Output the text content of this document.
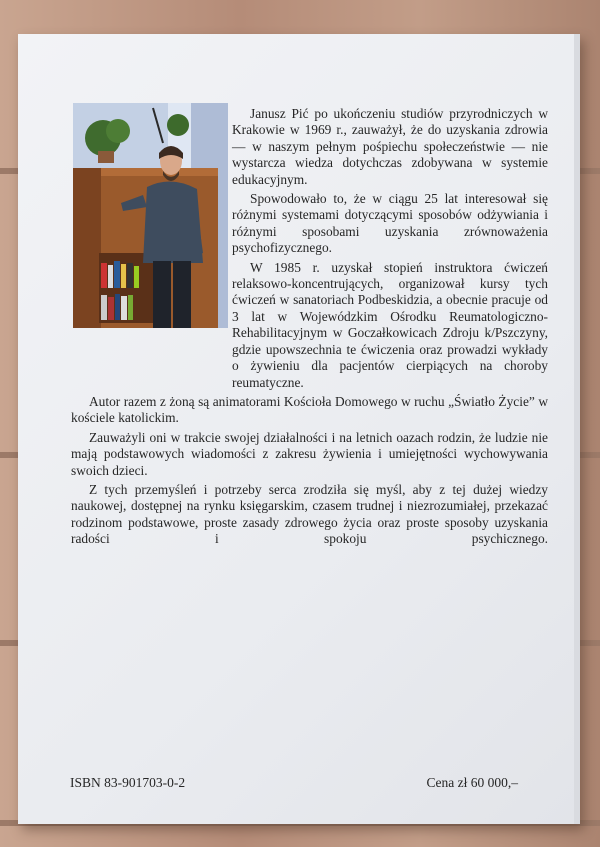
Janusz Pić po ukończeniu studiów przyrodniczych w Krakowie w 1969 r., zauważył, że do uzyskania zdrowia — w naszym pełnym pośpiechu społeczeństwie — nie wystarcza wiedza dotychczas zdobywana w systemie edukacyjnym.

Spowodowało to, że w ciągu 25 lat interesował się różnymi systemami dotyczącymi sposobów odżywiania i różnymi sposobami uzyskania zrównoważenia psychofizycznego.

W 1985 r. uzyskał stopień instruktora ćwiczeń relaksowo-koncentrujących, organizował kursy tych ćwiczeń w sanatoriach Podbeskidzia, a obecnie pracuje od 3 lat w Wojewódzkim Ośrodku Reumatologiczno-Rehabilitacyjnym w Goczałkowicach Zdroju k/Pszczyny, gdzie upowszechnia te ćwiczenia oraz prowadzi wykłady o żywieniu dla pacjentów cierpiących na choroby reumatyczne.

Autor razem z żoną są animatorami Kościoła Domowego w ruchu „Światło Życie” w kościele katolickim.

Zauważyli oni w trakcie swojej działalności i na letnich oazach rodzin, że ludzie nie mają podstawowych wiadomości z zakresu żywienia i umiejętności wychowywania swoich dzieci.

Z tych przemyśleń i potrzeby serca zrodziła się myśl, aby z tej dużej wiedzy naukowej, dostępnej na rynku księgarskim, czasem trudnej i niezrozumiałej, przekazać rodzinom podstawowe, proste zasady zdrowego życia oraz proste sposoby uzyskania radości i spokoju psychicznego.

ISBN 83-901703-0-2	Cena zł 60 000,–
